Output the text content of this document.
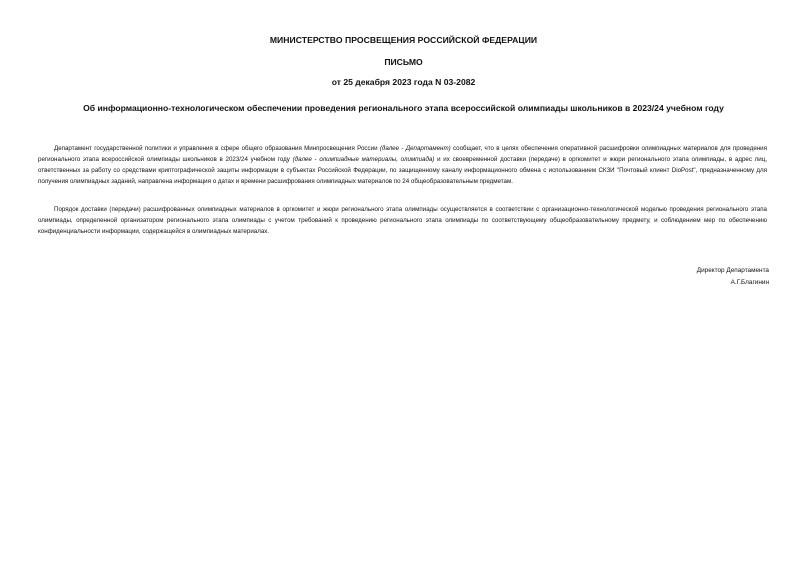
МИНИСТЕРСТВО ПРОСВЕЩЕНИЯ РОССИЙСКОЙ ФЕДЕРАЦИИ
ПИСЬМО
от 25 декабря 2023 года N 03-2082
Об информационно-технологическом обеспечении проведения регионального этапа всероссийской олимпиады школьников в 2023/24 учебном году

Департамент государственной политики и управления в сфере общего образования Минпросвещения России (далее - Департамент) сообщает, что в целях обеспечения оперативной расшифровки олимпиадных материалов для проведения регионального этапа всероссийской олимпиады школьников в 2023/24 учебном году (далее - олимпиадные материалы, олимпиада) и их своевременной доставки (передаче) в оргкомитет и жюри регионального этапа олимпиады, в адрес лиц, ответственных за работу со средствами криптографической защиты информации в субъектах Российской Федерации, по защищенному каналу информационного обмена с использованием СКЗИ "Почтовый клиент DioPost", предназначенному для получения олимпиадных заданий, направлена информация о датах и времени расшифрования олимпиадных материалов по 24 общеобразовательным предметам.

Порядок доставки (передачи) расшифрованных олимпиадных материалов в оргкомитет и жюри регионального этапа олимпиады осуществляется в соответствии с организационно-технологической моделью проведения регионального этапа олимпиады, определенной организатором регионального этапа олимпиады с учетом требований к проведению регионального этапа олимпиады по соответствующему общеобразовательному предмету, и соблюдением мер по обеспечению конфиденциальности информации, содержащейся в олимпиадных материалах.

Директор Департамента
А.Г.Благинин
